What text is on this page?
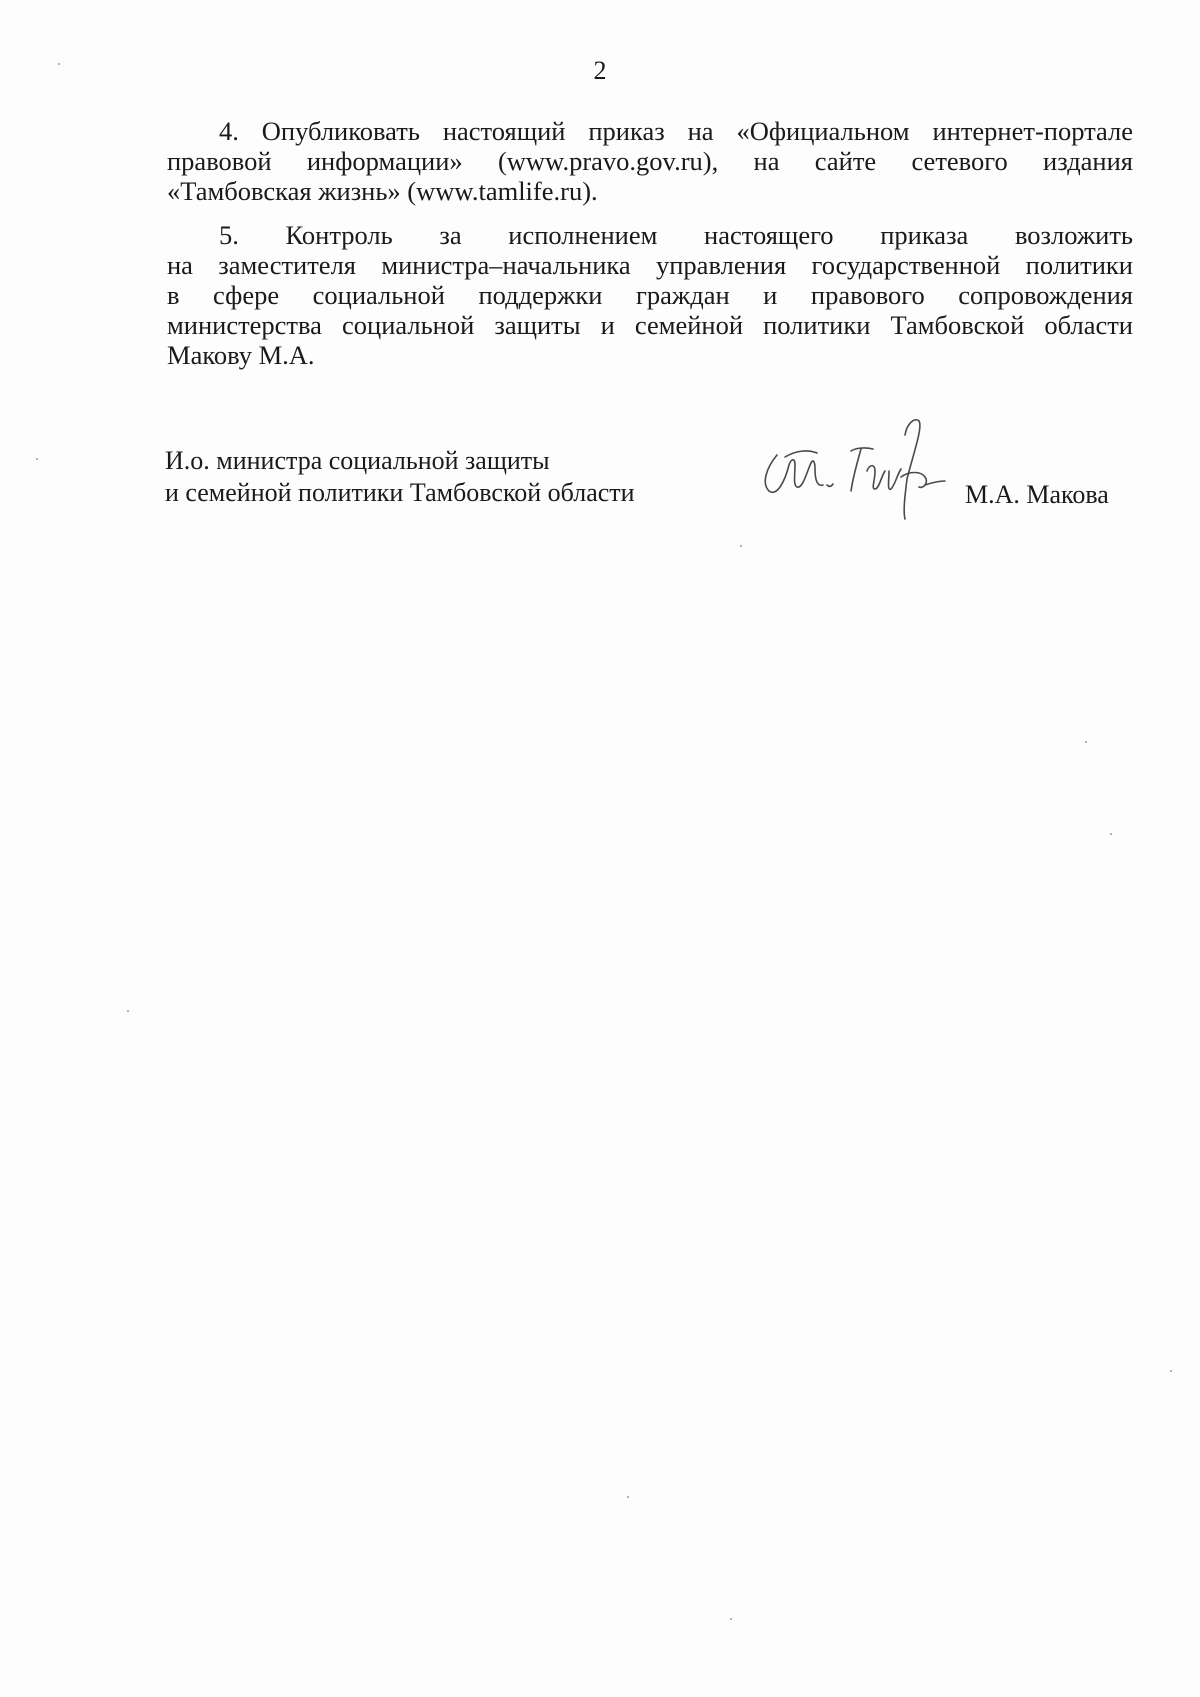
2
4. Опубликовать настоящий приказ на «Официальном интернет-портале
правовой информации» (www.pravo.gov.ru), на сайте сетевого издания
«Тамбовская жизнь» (www.tamlife.ru).
5. Контроль за исполнением настоящего приказа возложить
на заместителя министра–начальника управления государственной политики
в сфере социальной поддержки граждан и правового сопровождения
министерства социальной защиты и семейной политики Тамбовской области
Макову М.А.
И.о. министра социальной защиты
и семейной политики Тамбовской области	М.А. Макова
